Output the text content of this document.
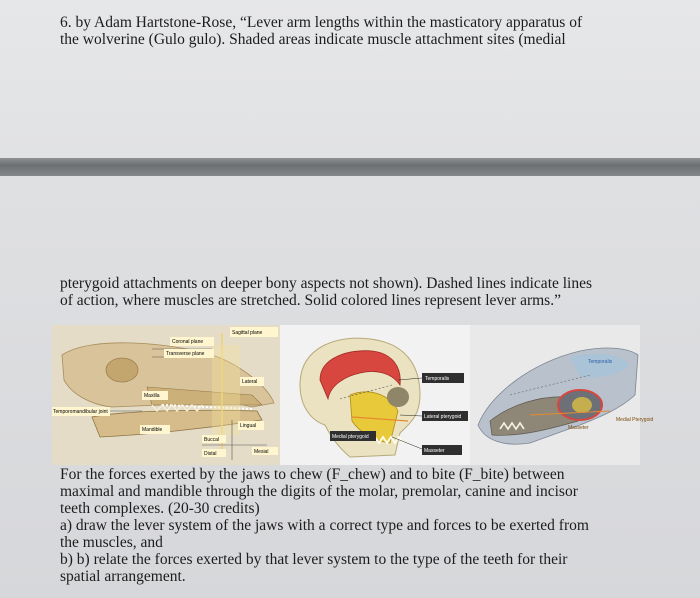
6. by Adam Hartstone-Rose, “Lever arm lengths within the masticatory apparatus of
the wolverine (Gulo gulo). Shaded areas indicate muscle attachment sites (medial
pterygoid attachments on deeper bony aspects not shown). Dashed lines indicate lines
of action, where muscles are stretched. Solid colored lines represent lever arms.”
Sagittal plane
Coronal plane
Transverse plane
Maxilla
Mandible
Temporomandibular joint
Lateral
Lingual
Buccal
Distal	Mesial
Temporalis
Lateral pterygoid
Medial pterygoid
Masseter
Temporalis
Masseter
Medial Pterygoid

For the forces exerted by the jaws to chew (F_chew) and to bite (F_bite) between

maximal and mandible through the digits of the molar, premolar, canine and incisor

teeth complexes. (20-30 credits)

a) draw the lever system of the jaws with a correct type and forces to be exerted from

the muscles, and

b) b) relate the forces exerted by that lever system to the type of the teeth for their

spatial arrangement.
